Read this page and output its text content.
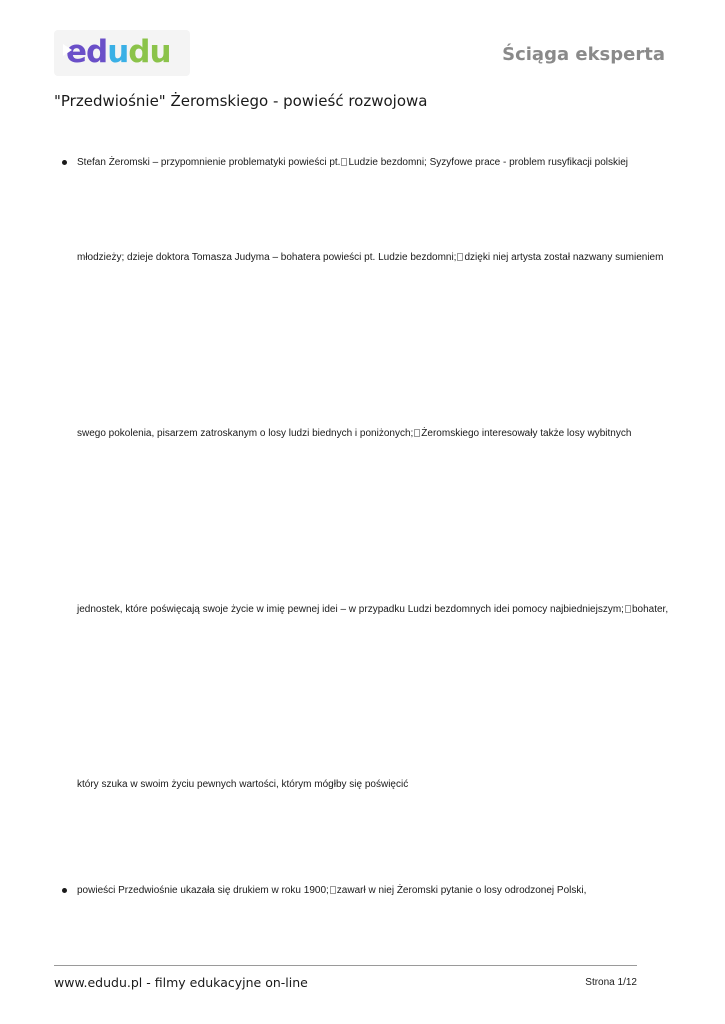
edudu	Ściąga eksperta
"Przedwiośnie" Żeromskiego - powieść rozwojowa
Stefan Żeromski – przypomnienie problematyki powieści pt. Ludzie bezdomni; Syzyfowe prace - problem rusyfikacji polskiej
młodzieży; dzieje doktora Tomasza Judyma – bohatera powieści pt. Ludzie bezdomni; dzięki niej artysta został nazwany sumieniem
swego pokolenia, pisarzem zatroskanym o losy ludzi biednych i poniżonych; Żeromskiego interesowały także losy wybitnych
jednostek, które poświęcają swoje życie w imię pewnej idei – w przypadku Ludzi bezdomnych idei pomocy najbiedniejszym; bohater,
który szuka w swoim życiu pewnych wartości, którym mógłby się poświęcić
powieści Przedwiośnie ukazała się drukiem w roku 1900; zawarł w niej Żeromski pytanie o losy odrodzonej Polski,
www.edudu.pl - filmy edukacyjne on-line	Strona 1/12
